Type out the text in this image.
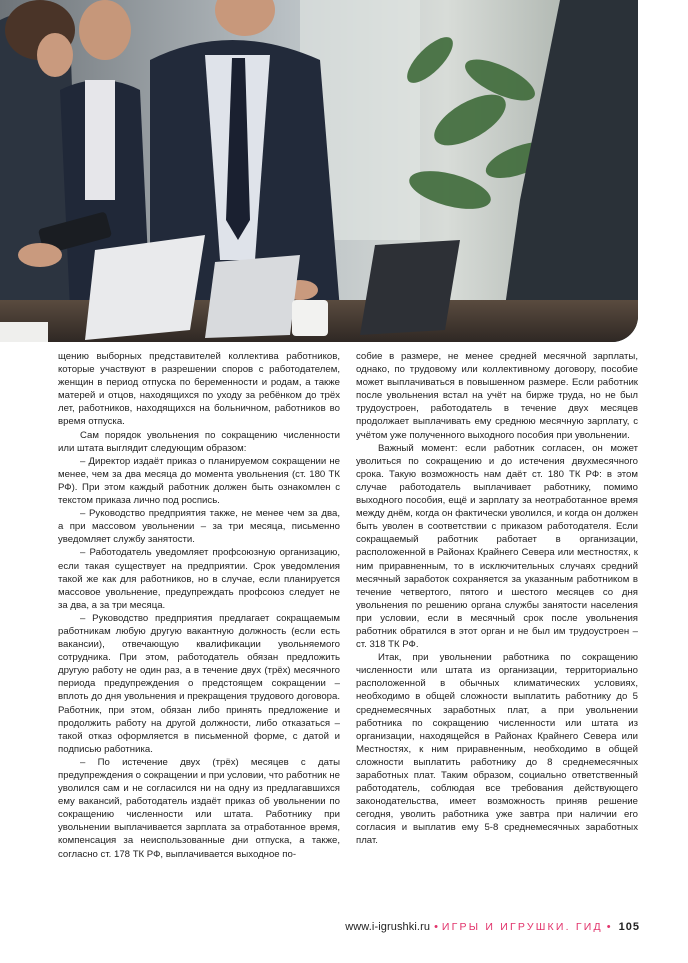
щению выборных представителей коллектива работников, которые участвуют в разрешении споров с работодателем, женщин в период отпуска по беременности и родам, а также матерей и отцов, находящихся по уходу за ребёнком до трёх лет, работников, находящихся на больничном, работников во время отпуска.

Сам порядок увольнения по сокращению численности или штата выглядит следующим образом:

– Директор издаёт приказ о планируемом сокращении не менее, чем за два месяца до момента увольнения (ст. 180 ТК РФ). При этом каждый работник должен быть ознакомлен с текстом приказа лично под роспись.

– Руководство предприятия также, не менее чем за два, а при массовом увольнении – за три месяца, письменно уведомляет службу занятости.

– Работодатель уведомляет профсоюзную организацию, если такая существует на предприятии. Срок уведомления такой же как для работников, но в случае, если планируется массовое увольнение, предупреждать профсоюз следует не за два, а за три месяца.

– Руководство предприятия предлагает сокращаемым работникам любую другую вакантную должность (если есть вакансии), отвечающую квалификации увольняемого сотрудника. При этом, работодатель обязан предложить другую работу не один раз, а в течение двух (трёх) месячного периода предупреждения о предстоящем сокращении – вплоть до дня увольнения и прекращения трудового договора. Работник, при этом, обязан либо принять предложение и продолжить работу на другой должности, либо отказаться – такой отказ оформляется в письменной форме, с датой и подписью работника.

– По истечение двух (трёх) месяцев с даты предупреждения о сокращении и при условии, что работник не уволился сам и не согласился ни на одну из предлагавшихся ему вакансий, работодатель издаёт приказ об увольнении по сокращению численности или штата. Работнику при увольнении выплачивается зарплата за отработанное время, компенсация за неиспользованные дни отпуска, а также, согласно ст. 178 ТК РФ, выплачивается выходное по-

собие в размере, не менее средней месячной зарплаты, однако, по трудовому или коллективному договору, пособие может выплачиваться в повышенном размере. Если работник после увольнения встал на учёт на бирже труда, но не был трудоустроен, работодатель в течение двух месяцев продолжает выплачивать ему среднюю месячную зарплату, с учётом уже полученного выходного пособия при увольнении.

Важный момент: если работник согласен, он может уволиться по сокращению и до истечения двухмесячного срока. Такую возможность нам даёт ст. 180 ТК РФ: в этом случае работодатель выплачивает работнику, помимо выходного пособия, ещё и зарплату за неотработанное время между днём, когда он фактически уволился, и когда он должен быть уволен в соответствии с приказом работодателя. Если сокращаемый работник работает в организации, расположенной в Районах Крайнего Севера или местностях, к ним приравненным, то в исключительных случаях средний месячный заработок сохраняется за указанным работником в течение четвертого, пятого и шестого месяцев со дня увольнения по решению органа службы занятости населения при условии, если в месячный срок после увольнения работник обратился в этот орган и не был им трудоустроен – ст. 318 ТК РФ.

Итак, при увольнении работника по сокращению численности или штата из организации, территориально расположенной в обычных климатических условиях, необходимо в общей сложности выплатить работнику до 5 среднемесячных заработных плат, а при увольнении работника по сокращению численности или штата из организации, находящейся в Районах Крайнего Севера или Местностях, к ним приравненным, необходимо в общей сложности выплатить работнику до 8 среднемесячных заработных плат. Таким образом, социально ответственный работодатель, соблюдая все требования действующего законодательства, имеет возможность приняв решение сегодня, уволить работника уже завтра при наличии его согласия и выплатив ему 5-8 среднемесячных заработных плат.

www.i-igrushki.ru • ИГРЫ И ИГРУШКИ. ГИД • 105
